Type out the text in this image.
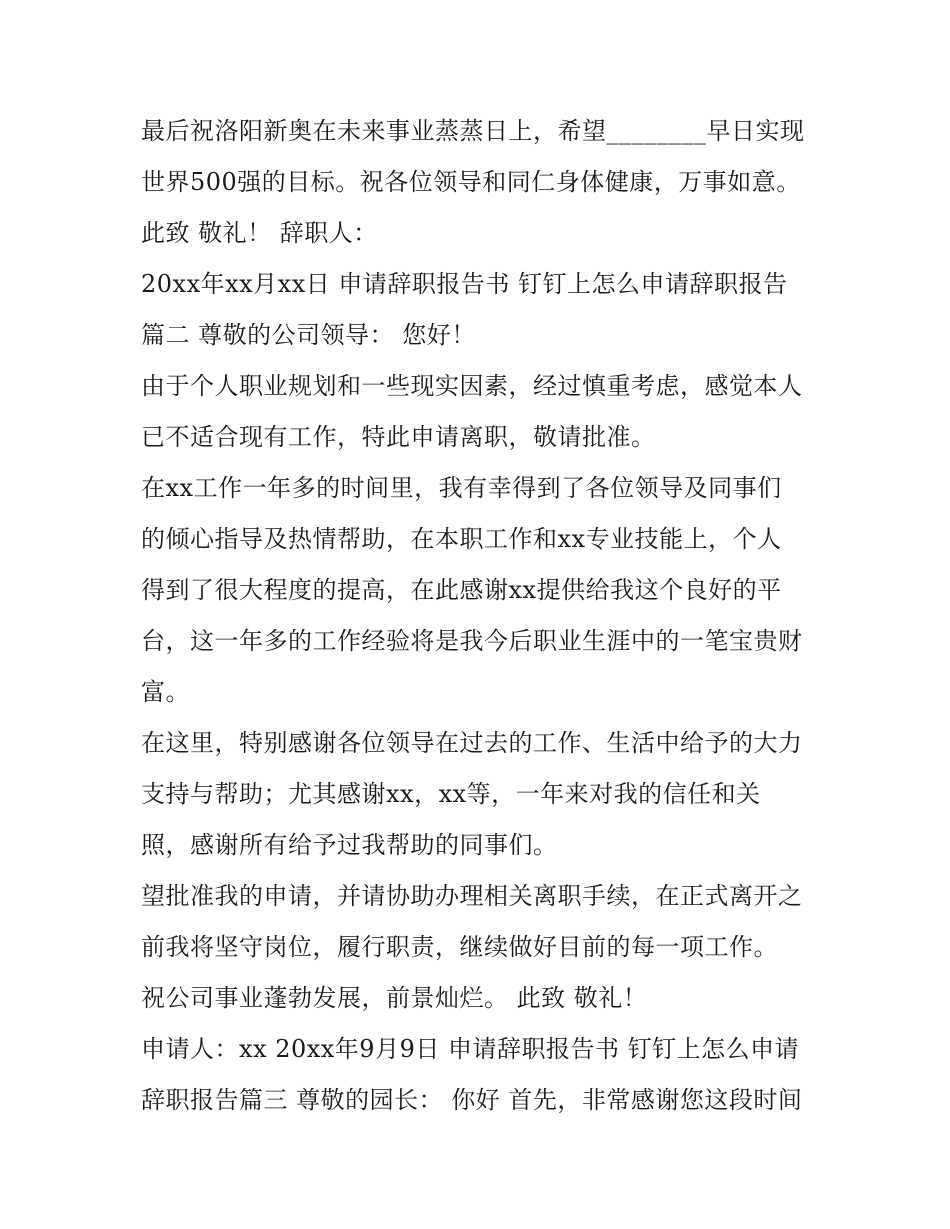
最后祝洛阳新奥在未来事业蒸蒸日上，希望________早日实现
世界500强的目标。祝各位领导和同仁身体健康，万事如意。
此致 敬礼！ 辞职人：
20xx年xx月xx日 申请辞职报告书 钉钉上怎么申请辞职报告
篇二 尊敬的公司领导： 您好！
由于个人职业规划和一些现实因素，经过慎重考虑，感觉本人
已不适合现有工作，特此申请离职，敬请批准。
在xx工作一年多的时间里，我有幸得到了各位领导及同事们
的倾心指导及热情帮助，在本职工作和xx专业技能上，个人
得到了很大程度的提高，在此感谢xx提供给我这个良好的平
台，这一年多的工作经验将是我今后职业生涯中的一笔宝贵财
富。
在这里，特别感谢各位领导在过去的工作、生活中给予的大力
支持与帮助；尤其感谢xx，xx等，一年来对我的信任和关
照，感谢所有给予过我帮助的同事们。
望批准我的申请，并请协助办理相关离职手续，在正式离开之
前我将坚守岗位，履行职责，继续做好目前的每一项工作。
祝公司事业蓬勃发展，前景灿烂。 此致 敬礼！
申请人：xx 20xx年9月9日 申请辞职报告书 钉钉上怎么申请
辞职报告篇三 尊敬的园长： 你好 首先，非常感谢您这段时间
